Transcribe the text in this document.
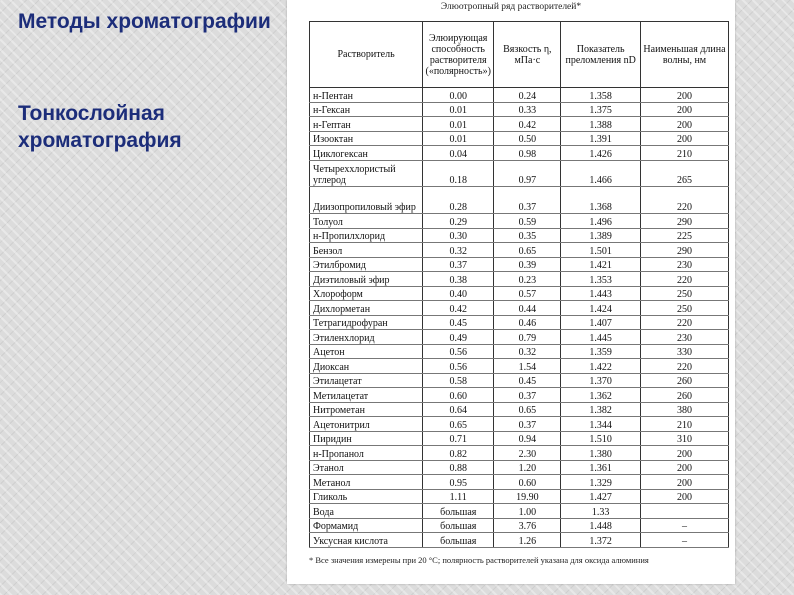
Методы хроматографии
Тонкослойная хроматография
Элюотропный ряд растворителей*
Растворитель	Элюирующая способность растворителя («полярность»)	Вязкость η, мПа·с	Показатель преломления nD	Наименьшая длина волны, нм
н-Пентан	0.00	0.24	1.358	200
н-Гексан	0.01	0.33	1.375	200
н-Гептан	0.01	0.42	1.388	200
Изооктан	0.01	0.50	1.391	200
Циклогексан	0.04	0.98	1.426	210
Четыреххлористый углерод	0.18	0.97	1.466	265
Диизопропиловый эфир	0.28	0.37	1.368	220
Толуол	0.29	0.59	1.496	290
н-Пропилхлорид	0.30	0.35	1.389	225
Бензол	0.32	0.65	1.501	290
Этилбромид	0.37	0.39	1.421	230
Диэтиловый эфир	0.38	0.23	1.353	220
Хлороформ	0.40	0.57	1.443	250
Дихлорметан	0.42	0.44	1.424	250
Тетрагидрофуран	0.45	0.46	1.407	220
Этиленхлорид	0.49	0.79	1.445	230
Ацетон	0.56	0.32	1.359	330
Диоксан	0.56	1.54	1.422	220
Этилацетат	0.58	0.45	1.370	260
Метилацетат	0.60	0.37	1.362	260
Нитрометан	0.64	0.65	1.382	380
Ацетонитрил	0.65	0.37	1.344	210
Пиридин	0.71	0.94	1.510	310
н-Пропанол	0.82	2.30	1.380	200
Этанол	0.88	1.20	1.361	200
Метанол	0.95	0.60	1.329	200
Гликоль	1.11	19.90	1.427	200
Вода	большая	1.00	1.33	
Формамид	большая	3.76	1.448	–
Уксусная кислота	большая	1.26	1.372	–
* Все значения измерены при 20 °С; полярность растворителей указана для оксида алюминия
